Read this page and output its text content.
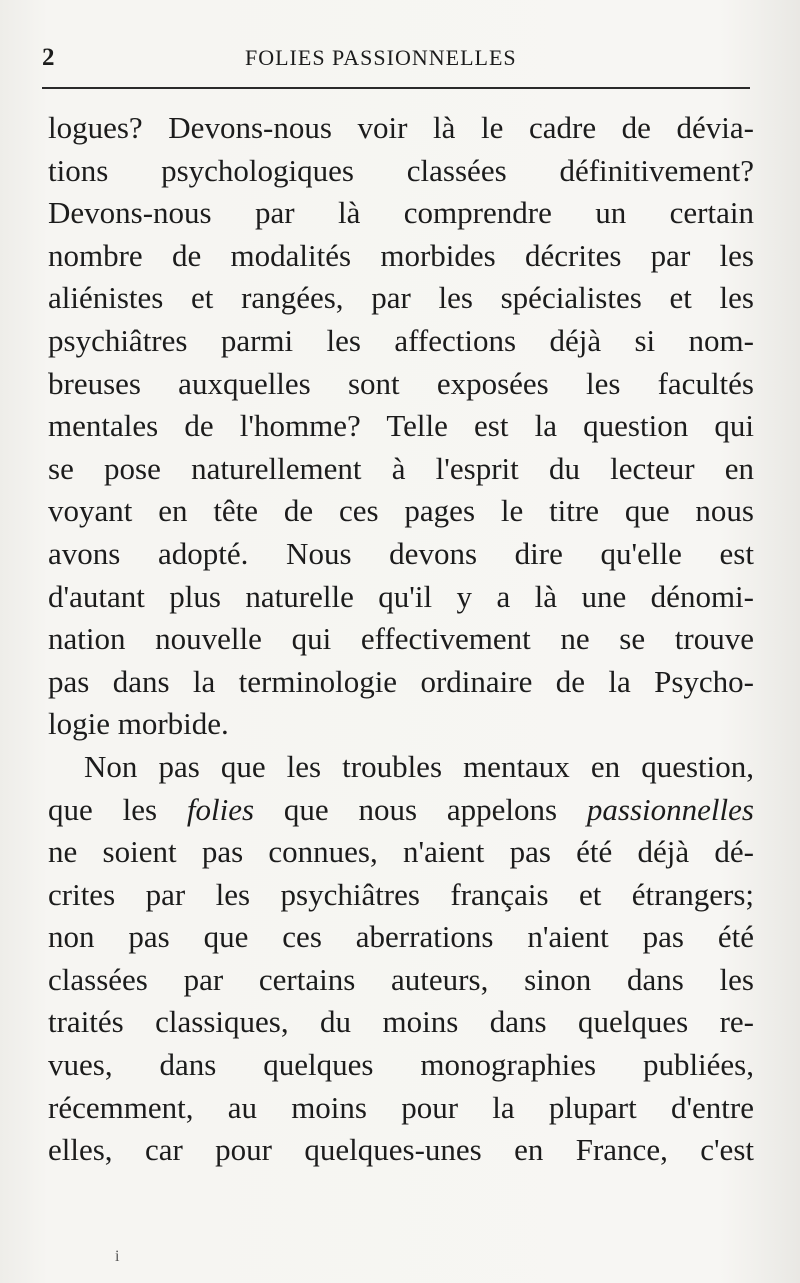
2	FOLIES PASSIONNELLES
logues? Devons-nous voir là le cadre de dévia-
tions psychologiques classées définitivement?
Devons-nous par là comprendre un certain
nombre de modalités morbides décrites par les
aliénistes et rangées, par les spécialistes et les
psychiâtres parmi les affections déjà si nom-
breuses auxquelles sont exposées les facultés
mentales de l'homme? Telle est la question qui
se pose naturellement à l'esprit du lecteur en
voyant en tête de ces pages le titre que nous
avons adopté. Nous devons dire qu'elle est
d'autant plus naturelle qu'il y a là une dénomi-
nation nouvelle qui effectivement ne se trouve
pas dans la terminologie ordinaire de la Psycho-
logie morbide.
Non pas que les troubles mentaux en question,
que les folies que nous appelons passionnelles
ne soient pas connues, n'aient pas été déjà dé-
crites par les psychiâtres français et étrangers;
non pas que ces aberrations n'aient pas été
classées par certains auteurs, sinon dans les
traités classiques, du moins dans quelques re-
vues, dans quelques monographies publiées,
récemment, au moins pour la plupart d'entre
elles, car pour quelques-unes en France, c'est
i
